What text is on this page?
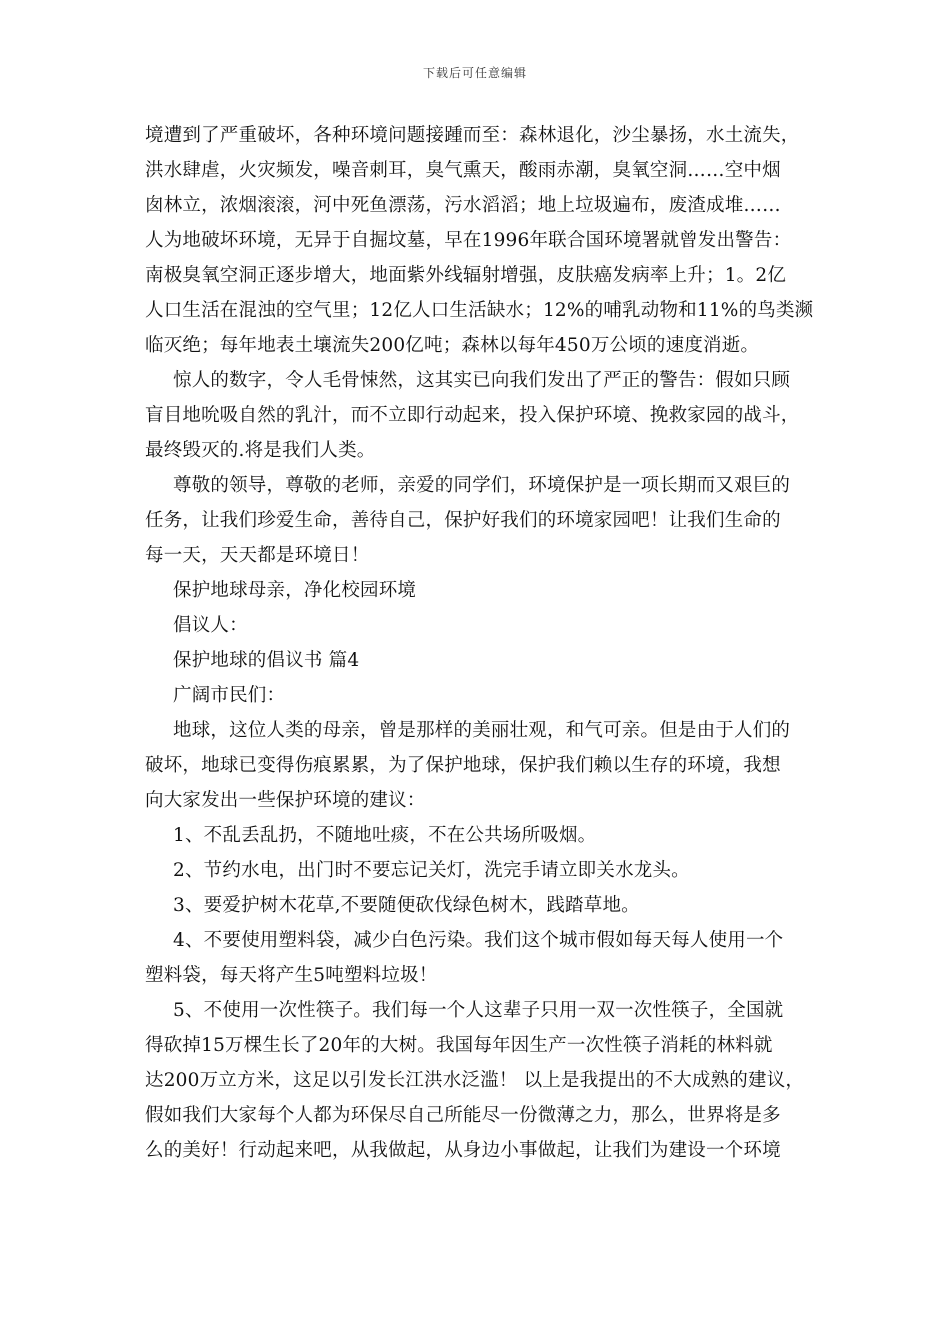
下载后可任意编辑
境遭到了严重破坏，各种环境问题接踵而至：森林退化，沙尘暴扬，水土流失，
洪水肆虐，火灾频发，噪音刺耳，臭气熏天，酸雨赤潮，臭氧空洞……空中烟
囱林立，浓烟滚滚，河中死鱼漂荡，污水滔滔；地上垃圾遍布，废渣成堆……
人为地破坏环境，无异于自掘坟墓，早在1996年联合国环境署就曾发出警告：
南极臭氧空洞正逐步增大，地面紫外线辐射增强，皮肤癌发病率上升；1。2亿
人口生活在混浊的空气里；12亿人口生活缺水；12%的哺乳动物和11%的鸟类濒
临灭绝；每年地表土壤流失200亿吨；森林以每年450万公顷的速度消逝。
惊人的数字，令人毛骨悚然，这其实已向我们发出了严正的警告：假如只顾
盲目地吮吸自然的乳汁，而不立即行动起来，投入保护环境、挽救家园的战斗，
最终毁灭的.将是我们人类。
尊敬的领导，尊敬的老师，亲爱的同学们，环境保护是一项长期而又艰巨的
任务，让我们珍爱生命，善待自己，保护好我们的环境家园吧！让我们生命的
每一天，天天都是环境日！
保护地球母亲，净化校园环境
倡议人：
保护地球的倡议书 篇4
广阔市民们：
地球，这位人类的母亲，曾是那样的美丽壮观，和气可亲。但是由于人们的
破坏，地球已变得伤痕累累，为了保护地球，保护我们赖以生存的环境，我想
向大家发出一些保护环境的建议：
1、不乱丢乱扔，不随地吐痰，不在公共场所吸烟。
2、节约水电，出门时不要忘记关灯，洗完手请立即关水龙头。
3、要爱护树木花草,不要随便砍伐绿色树木，践踏草地。
4、不要使用塑料袋，减少白色污染。我们这个城市假如每天每人使用一个
塑料袋，每天将产生5吨塑料垃圾！
5、不使用一次性筷子。我们每一个人这辈子只用一双一次性筷子，全国就
得砍掉15万棵生长了20年的大树。我国每年因生产一次性筷子消耗的林料就
达200万立方米，这足以引发长江洪水泛滥！ 以上是我提出的不大成熟的建议，
假如我们大家每个人都为环保尽自己所能尽一份微薄之力，那么，世界将是多
么的美好！行动起来吧，从我做起，从身边小事做起，让我们为建设一个环境
